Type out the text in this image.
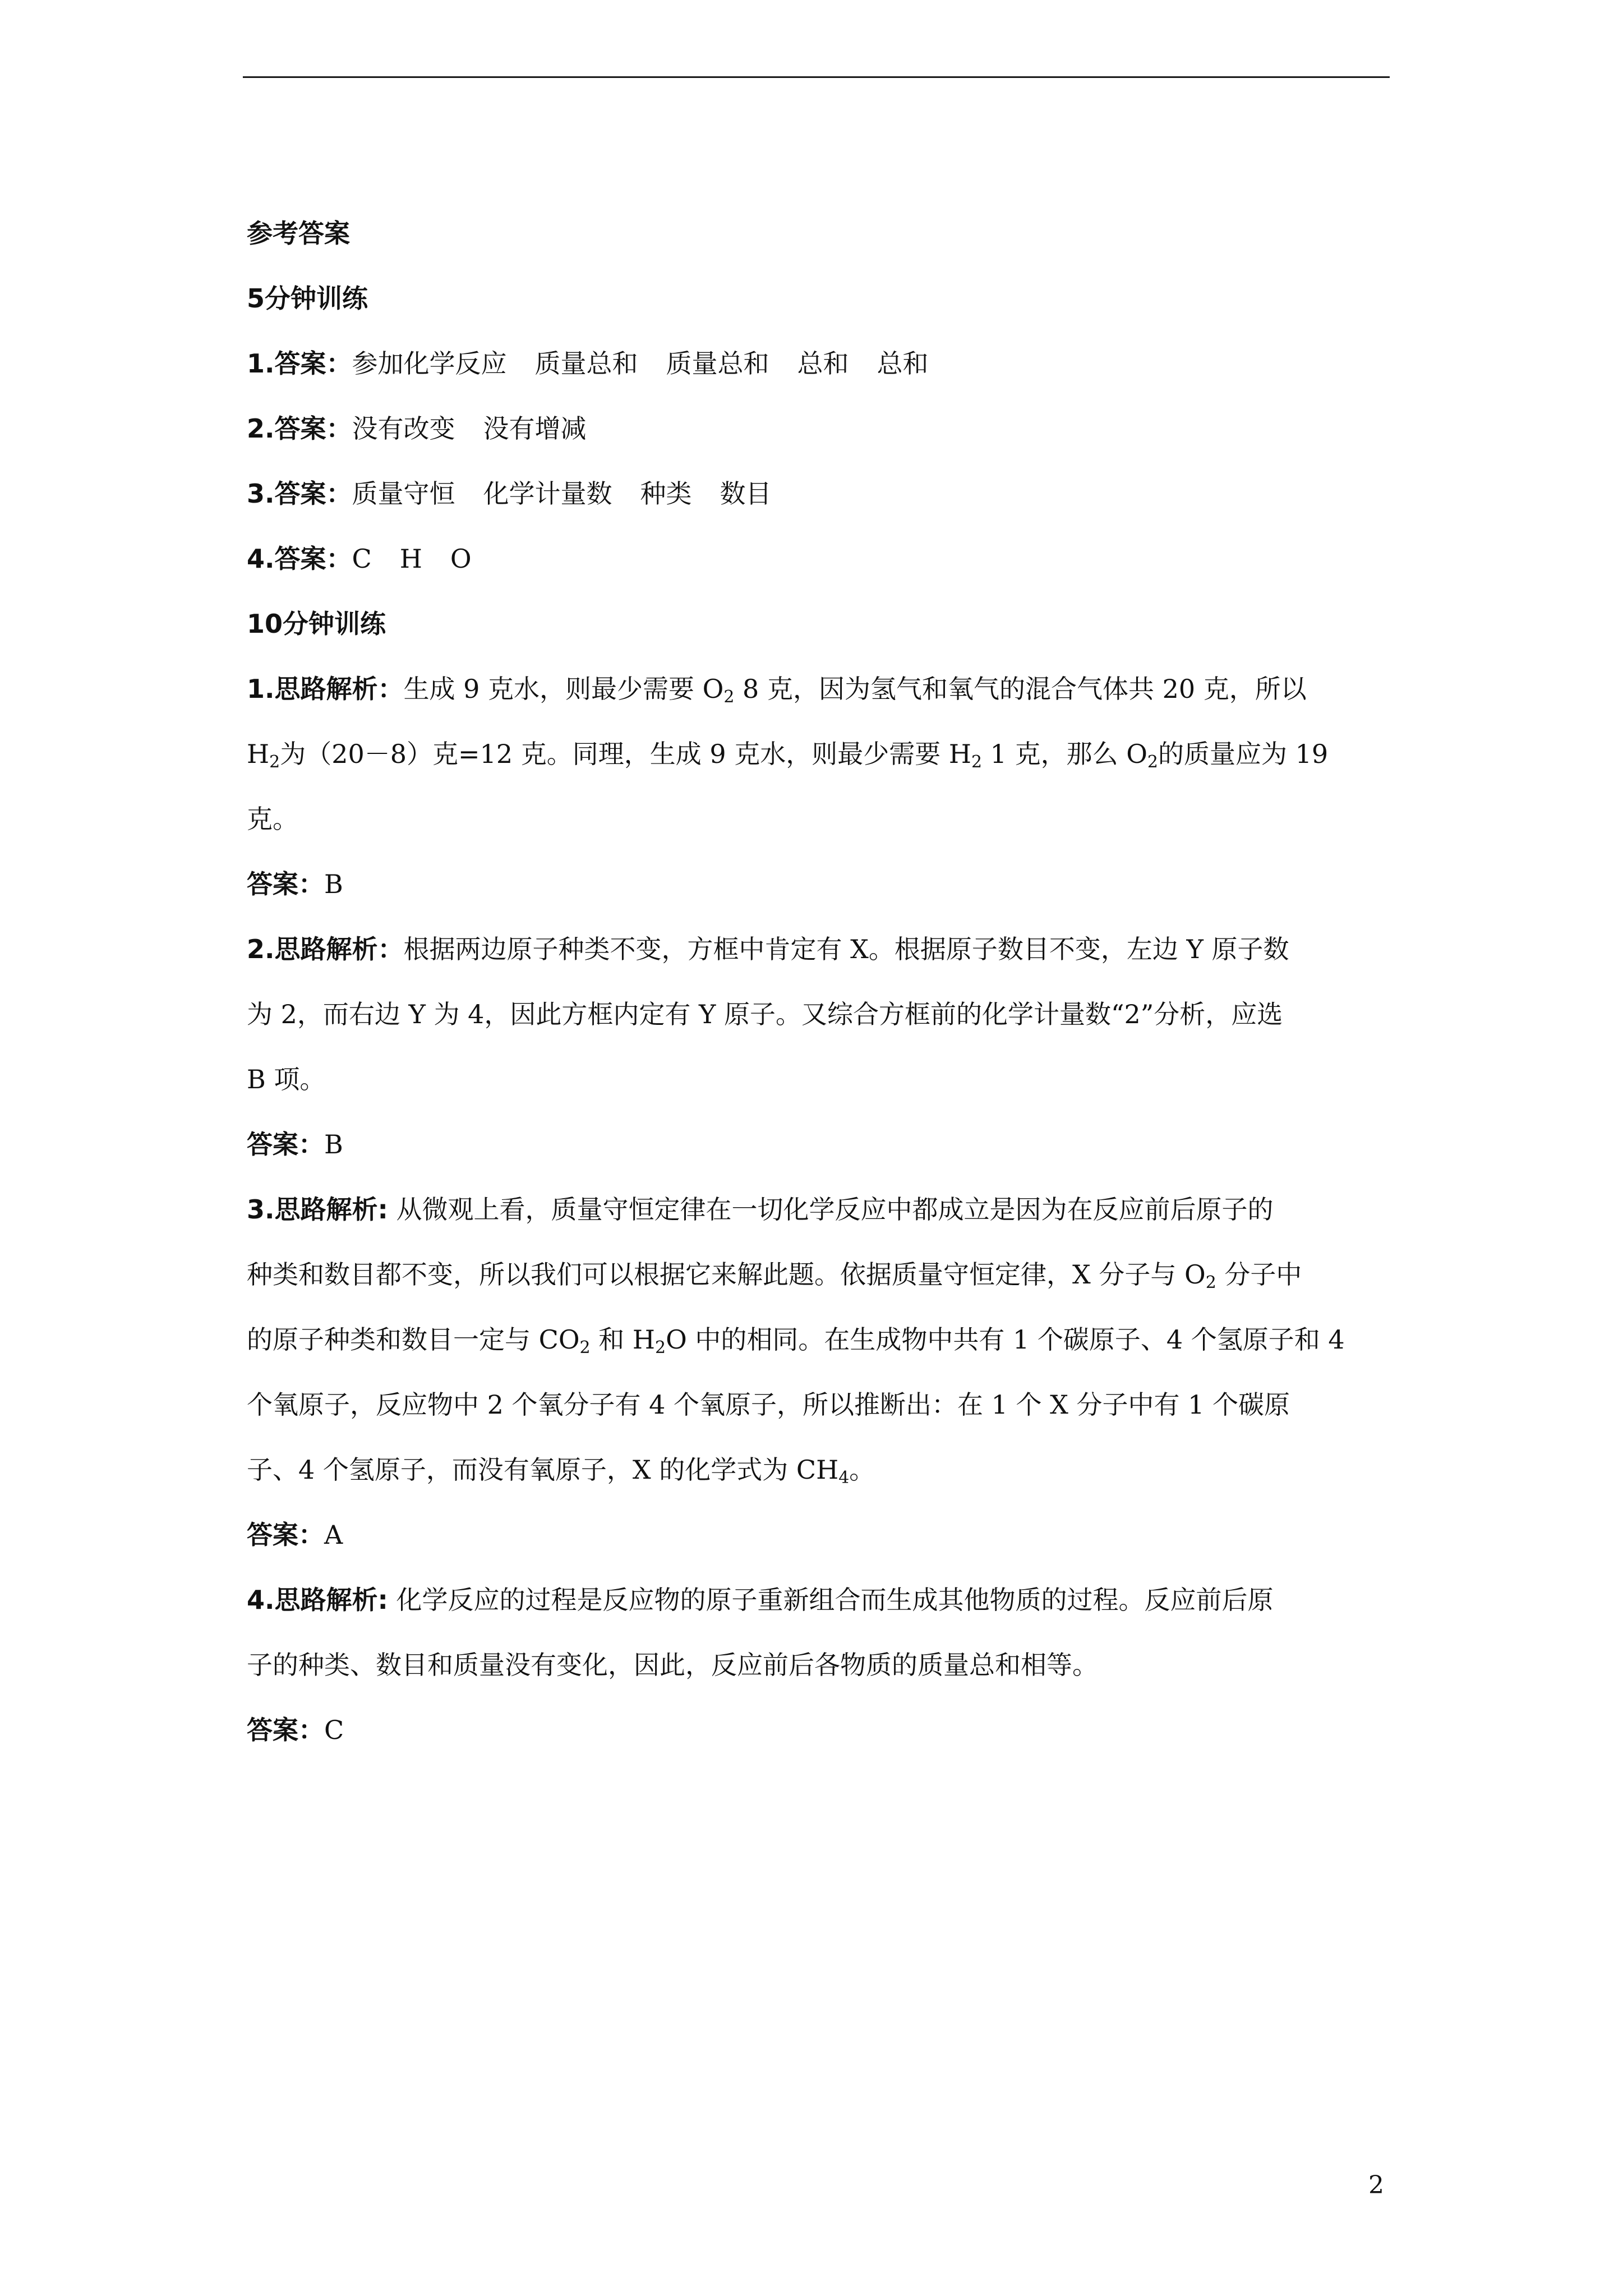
参考答案
5分钟训练
1.答案：参加化学反应 质量总和 质量总和 总和 总和
2.答案：没有改变 没有增减
3.答案：质量守恒 化学计量数 种类 数目
4.答案：C H O
10分钟训练
1.思路解析：生成 9 克水，则最少需要 $O_2$ 8 克，因为氢气和氧气的混合气体共 20 克，所以
$H_2$为（20－8）克=12 克。同理，生成 9 克水，则最少需要 $H_2$ 1 克，那么 $O_2$的质量应为 19
克。
答案：B
2.思路解析：根据两边原子种类不变，方框中肯定有 X。根据原子数目不变，左边 Y 原子数
为 2，而右边 Y 为 4，因此方框内定有 Y 原子。又综合方框前的化学计量数“2”分析，应选
B 项。
答案：B
3.思路解析: 从微观上看，质量守恒定律在一切化学反应中都成立是因为在反应前后原子的
种类和数目都不变，所以我们可以根据它来解此题。依据质量守恒定律，X 分子与 $O_2$ 分子中
的原子种类和数目一定与 $CO_2$ 和 $H_2O$ 中的相同。在生成物中共有 1 个碳原子、4 个氢原子和 4
个氧原子，反应物中 2 个氧分子有 4 个氧原子，所以推断出：在 1 个 X 分子中有 1 个碳原
子、4 个氢原子，而没有氧原子，X 的化学式为 $CH_4$。
答案：A
4.思路解析: 化学反应的过程是反应物的原子重新组合而生成其他物质的过程。反应前后原
子的种类、数目和质量没有变化，因此，反应前后各物质的质量总和相等。
答案：C
2
